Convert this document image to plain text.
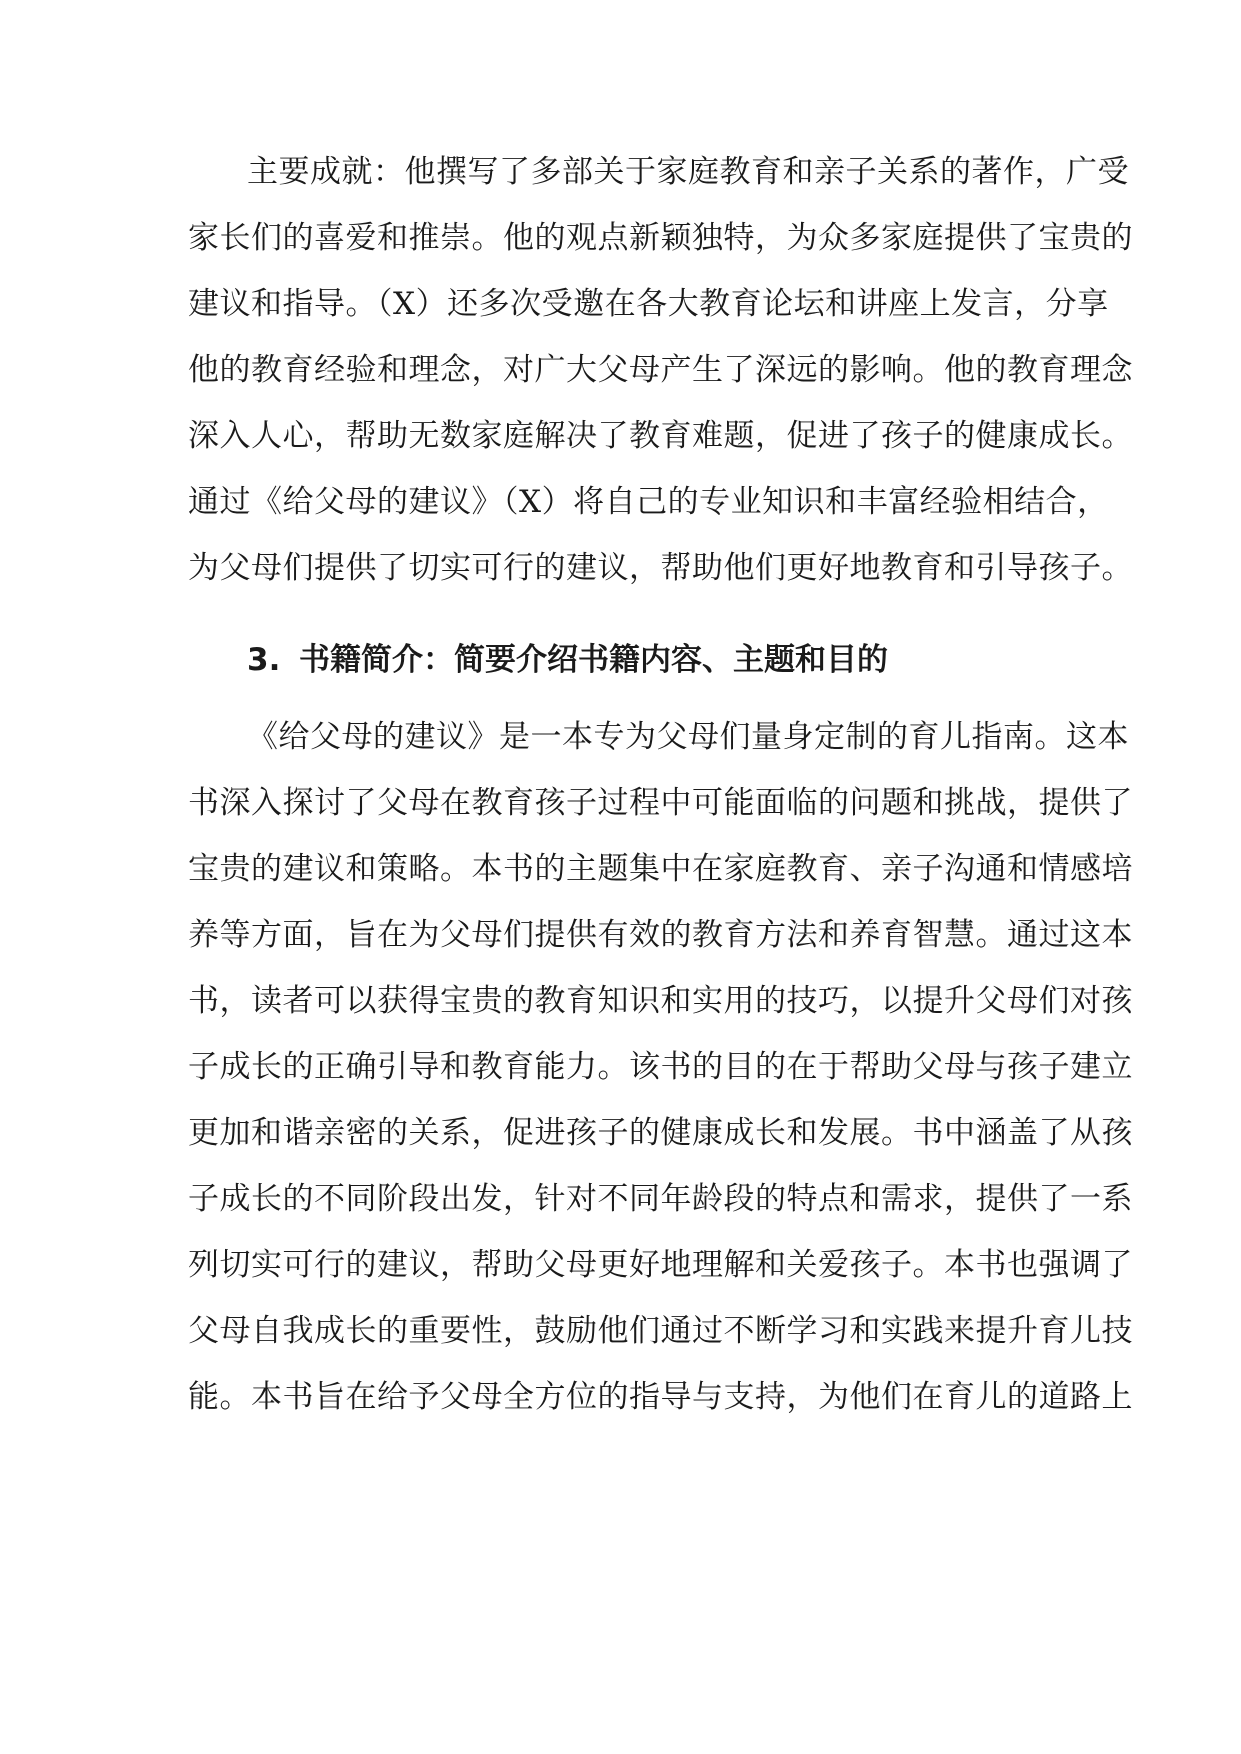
主要成就：他撰写了多部关于家庭教育和亲子关系的著作，广受
家长们的喜爱和推崇。他的观点新颖独特，为众多家庭提供了宝贵的
建议和指导。（X）还多次受邀在各大教育论坛和讲座上发言，分享
他的教育经验和理念，对广大父母产生了深远的影响。他的教育理念
深入人心，帮助无数家庭解决了教育难题，促进了孩子的健康成长。
通过《给父母的建议》（X）将自己的专业知识和丰富经验相结合，
为父母们提供了切实可行的建议，帮助他们更好地教育和引导孩子。
3. 书籍简介：简要介绍书籍内容、主题和目的
《给父母的建议》是一本专为父母们量身定制的育儿指南。这本
书深入探讨了父母在教育孩子过程中可能面临的问题和挑战，提供了
宝贵的建议和策略。本书的主题集中在家庭教育、亲子沟通和情感培
养等方面，旨在为父母们提供有效的教育方法和养育智慧。通过这本
书，读者可以获得宝贵的教育知识和实用的技巧，以提升父母们对孩
子成长的正确引导和教育能力。该书的目的在于帮助父母与孩子建立
更加和谐亲密的关系，促进孩子的健康成长和发展。书中涵盖了从孩
子成长的不同阶段出发，针对不同年龄段的特点和需求，提供了一系
列切实可行的建议，帮助父母更好地理解和关爱孩子。本书也强调了
父母自我成长的重要性，鼓励他们通过不断学习和实践来提升育儿技
能。本书旨在给予父母全方位的指导与支持，为他们在育儿的道路上
